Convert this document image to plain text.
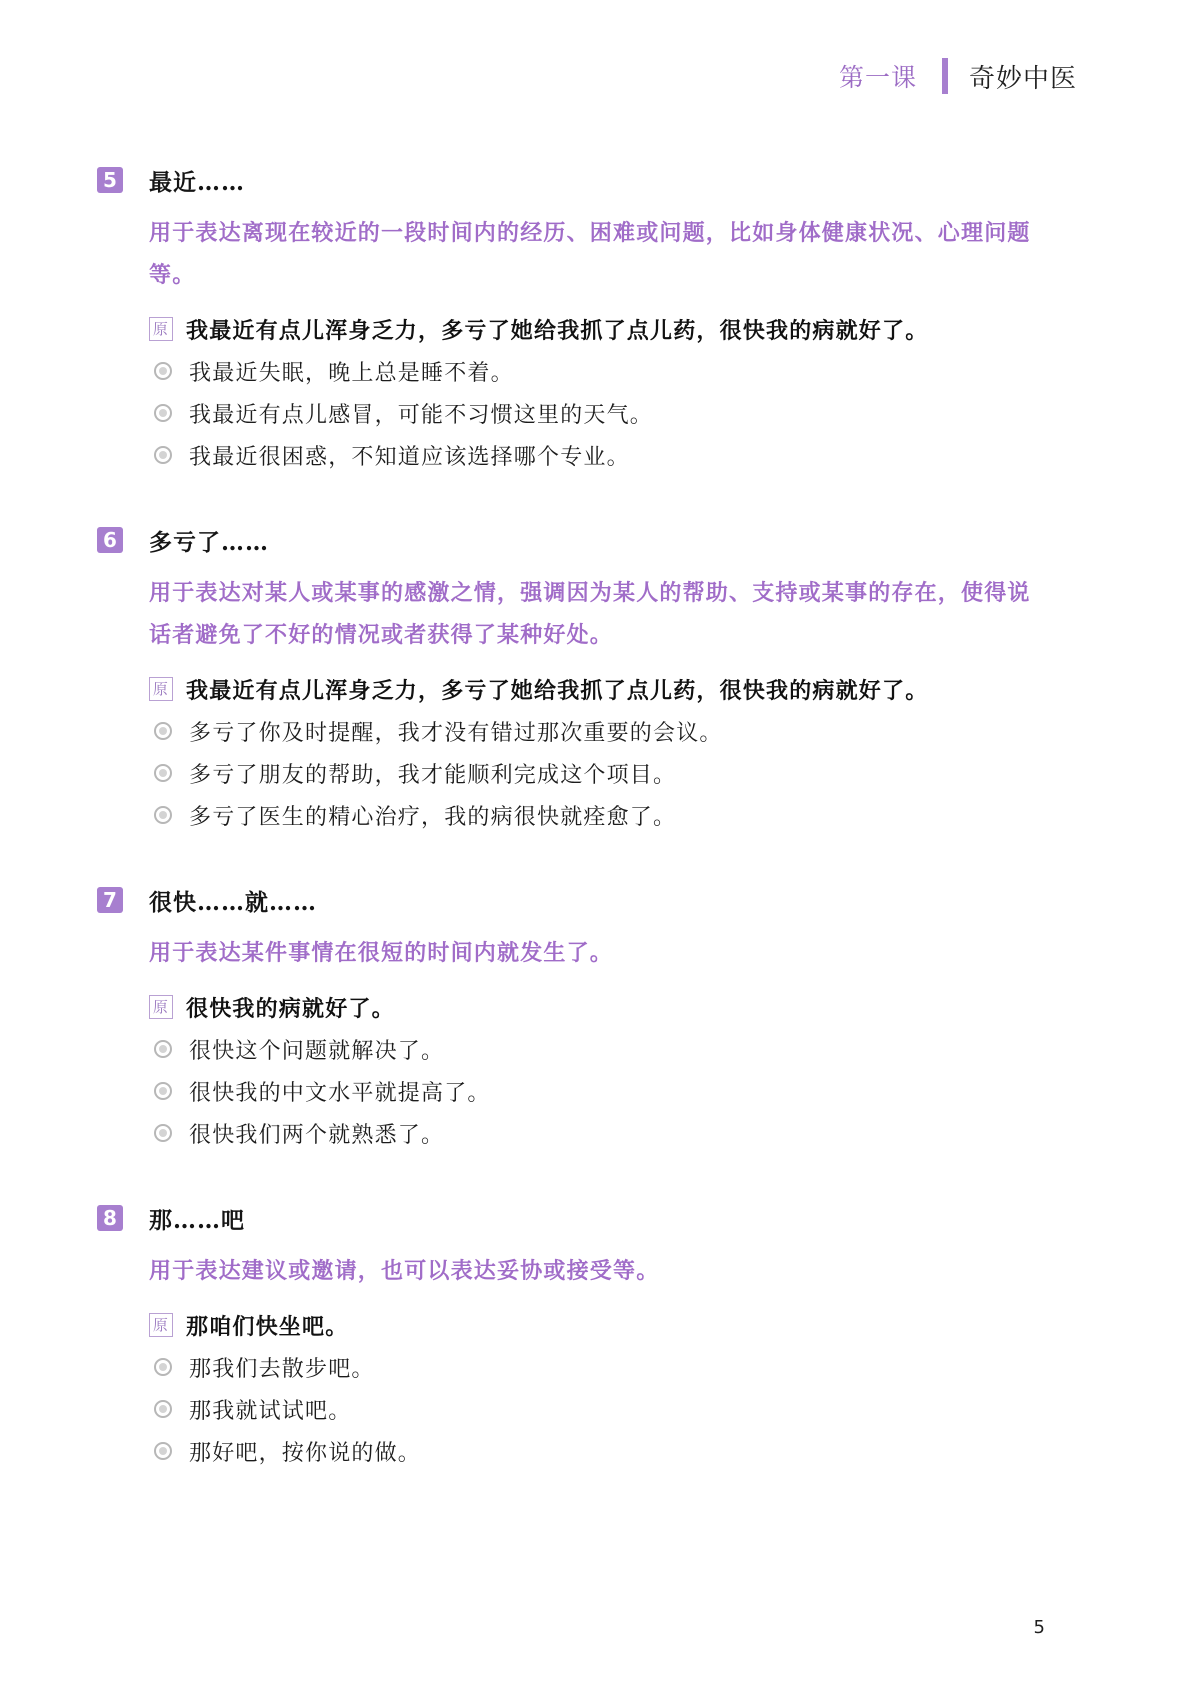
第一课 奇妙中医
5 最近……
用于表达离现在较近的一段时间内的经历、困难或问题，比如身体健康状况、心理问题等。
原 我最近有点儿浑身乏力，多亏了她给我抓了点儿药，很快我的病就好了。
我最近失眠，晚上总是睡不着。
我最近有点儿感冒，可能不习惯这里的天气。
我最近很困惑，不知道应该选择哪个专业。
6 多亏了……
用于表达对某人或某事的感激之情，强调因为某人的帮助、支持或某事的存在，使得说话者避免了不好的情况或者获得了某种好处。
原 我最近有点儿浑身乏力，多亏了她给我抓了点儿药，很快我的病就好了。
多亏了你及时提醒，我才没有错过那次重要的会议。
多亏了朋友的帮助，我才能顺利完成这个项目。
多亏了医生的精心治疗，我的病很快就痊愈了。
7 很快……就……
用于表达某件事情在很短的时间内就发生了。
原 很快我的病就好了。
很快这个问题就解决了。
很快我的中文水平就提高了。
很快我们两个就熟悉了。
8 那……吧
用于表达建议或邀请，也可以表达妥协或接受等。
原 那咱们快坐吧。
那我们去散步吧。
那我就试试吧。
那好吧，按你说的做。
5
